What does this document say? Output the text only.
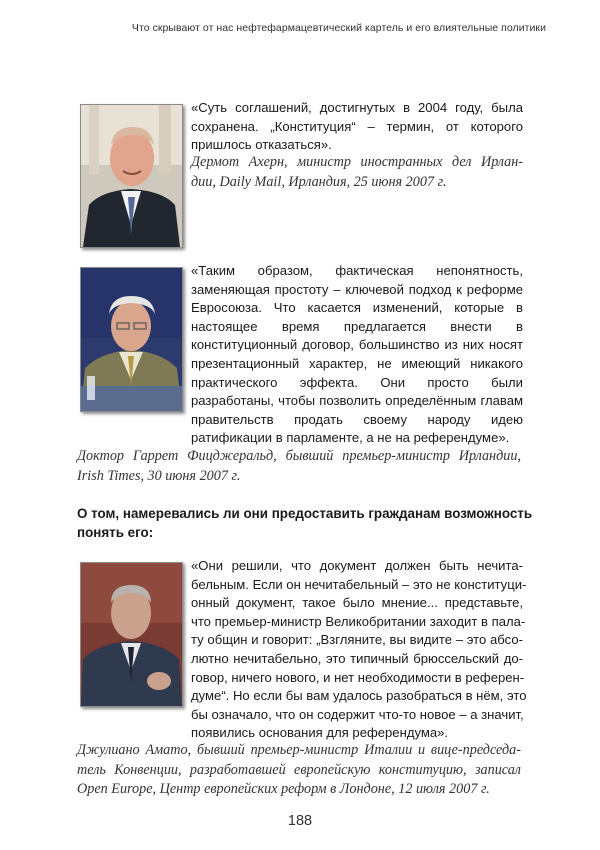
Что скрывают от нас нефтефармацевтический картель и его влиятельные политики
«Суть соглашений, достигнутых в 2004 году, была
сохранена. „Конституция“ – термин, от которого
пришлось отказаться».
Дермот Ахерн, министр иностранных дел Ирлан-
дии, Daily Mail, Ирландия, 25 июня 2007 г.
«Таким образом, фактическая непонятность,
заменяющая простоту – ключевой подход к реформе
Евросоюза. Что касается изменений, которые в
настоящее время предлагается внести в
конституционный договор, большинство из них носят
презентационный характер, не имеющий никакого
практического эффекта. Они просто были
разработаны, чтобы позволить определённым главам
правительств продать своему народу идею
ратификации в парламенте, а не на референдуме».
Доктор Гаррет Фицджеральд, бывший премьер-министр Ирландии,
Irish Times, 30 июня 2007 г.
О том, намеревались ли они предоставить гражданам возможность понять его:
«Они решили, что документ должен быть нечита-
бельным. Если он нечитабельный – это не конституци-
онный документ, такое было мнение... представьте,
что премьер-министр Великобритании заходит в пала-
ту общин и говорит: „Взгляните, вы видите – это абсо-
лютно нечитабельно, это типичный брюссельский до-
говор, ничего нового, и нет необходимости в референ-
думе“. Но если бы вам удалось разобраться в нём, это
бы означало, что он содержит что-то новое – а значит,
появились основания для референдума».
Джулиано Амато, бывший премьер-министр Италии и вице-председа-
тель Конвенции, разработавшей европейскую конституцию, записал
Open Europe, Центр европейских реформ в Лондоне, 12 июля 2007 г.
188
